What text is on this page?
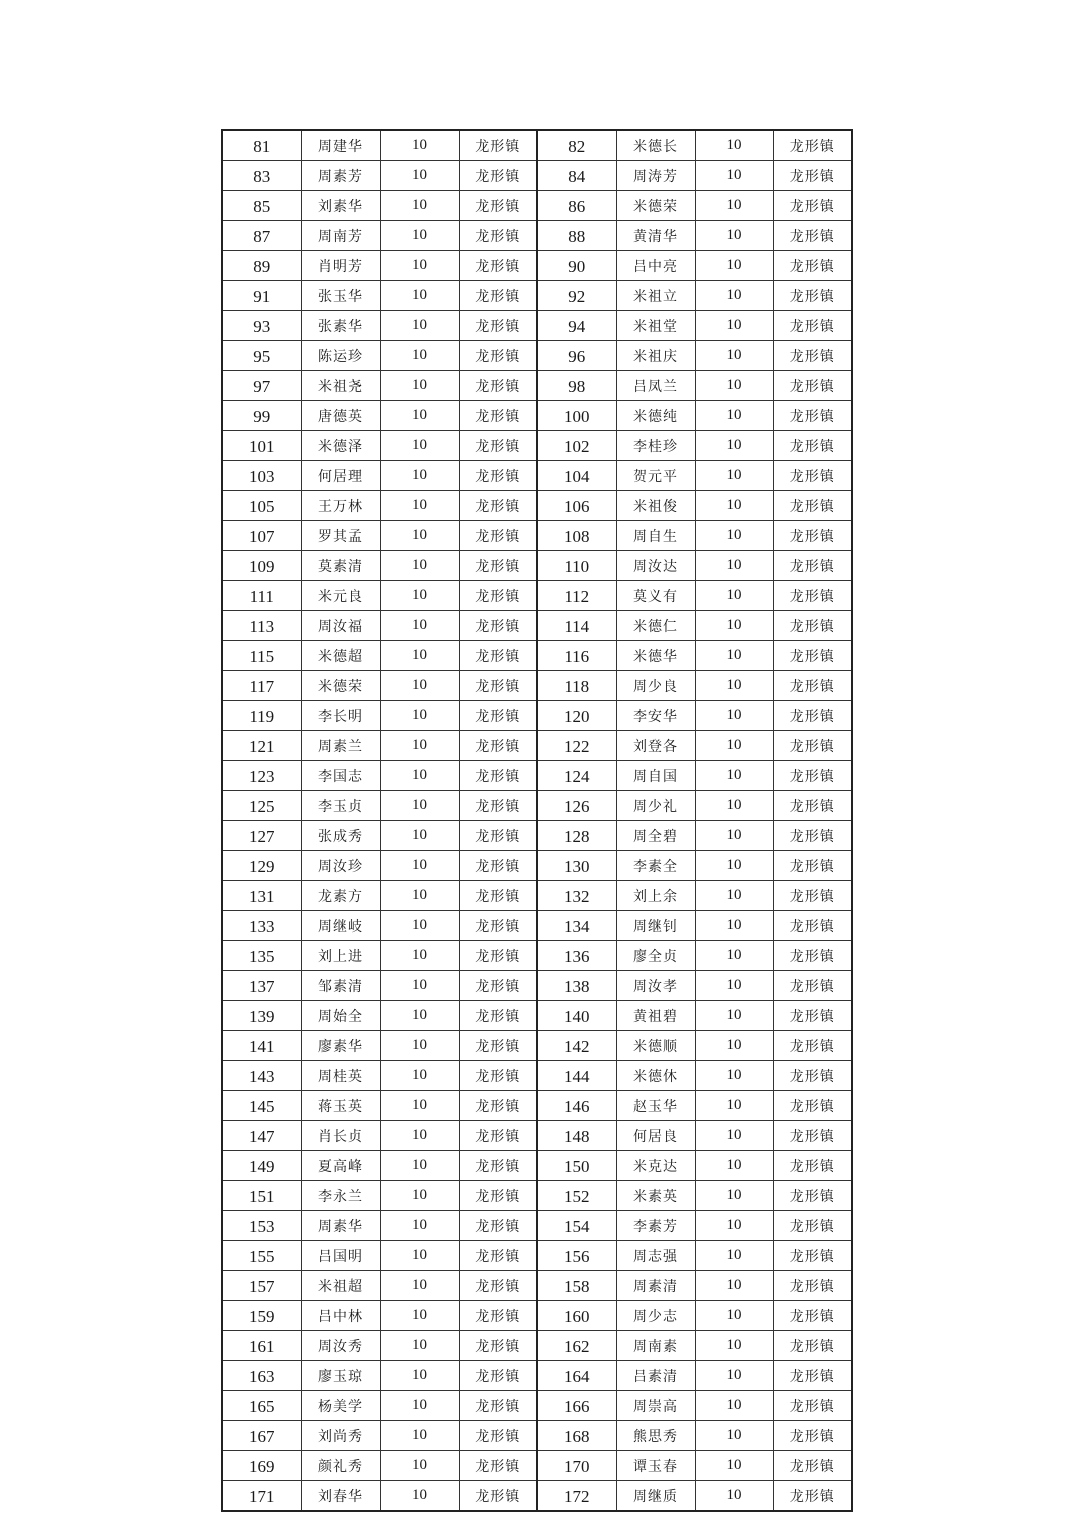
81	周建华	10	龙形镇	82	米德长	10	龙形镇
83	周素芳	10	龙形镇	84	周涛芳	10	龙形镇
85	刘素华	10	龙形镇	86	米德荣	10	龙形镇
87	周南芳	10	龙形镇	88	黄清华	10	龙形镇
89	肖明芳	10	龙形镇	90	吕中亮	10	龙形镇
91	张玉华	10	龙形镇	92	米祖立	10	龙形镇
93	张素华	10	龙形镇	94	米祖堂	10	龙形镇
95	陈运珍	10	龙形镇	96	米祖庆	10	龙形镇
97	米祖尧	10	龙形镇	98	吕凤兰	10	龙形镇
99	唐德英	10	龙形镇	100	米德纯	10	龙形镇
101	米德泽	10	龙形镇	102	李桂珍	10	龙形镇
103	何居理	10	龙形镇	104	贺元平	10	龙形镇
105	王万林	10	龙形镇	106	米祖俊	10	龙形镇
107	罗其孟	10	龙形镇	108	周自生	10	龙形镇
109	莫素清	10	龙形镇	110	周汝达	10	龙形镇
111	米元良	10	龙形镇	112	莫义有	10	龙形镇
113	周汝福	10	龙形镇	114	米德仁	10	龙形镇
115	米德超	10	龙形镇	116	米德华	10	龙形镇
117	米德荣	10	龙形镇	118	周少良	10	龙形镇
119	李长明	10	龙形镇	120	李安华	10	龙形镇
121	周素兰	10	龙形镇	122	刘登各	10	龙形镇
123	李国志	10	龙形镇	124	周自国	10	龙形镇
125	李玉贞	10	龙形镇	126	周少礼	10	龙形镇
127	张成秀	10	龙形镇	128	周全碧	10	龙形镇
129	周汝珍	10	龙形镇	130	李素全	10	龙形镇
131	龙素方	10	龙形镇	132	刘上余	10	龙形镇
133	周继岐	10	龙形镇	134	周继钊	10	龙形镇
135	刘上进	10	龙形镇	136	廖全贞	10	龙形镇
137	邹素清	10	龙形镇	138	周汝孝	10	龙形镇
139	周始全	10	龙形镇	140	黄祖碧	10	龙形镇
141	廖素华	10	龙形镇	142	米德顺	10	龙形镇
143	周桂英	10	龙形镇	144	米德休	10	龙形镇
145	蒋玉英	10	龙形镇	146	赵玉华	10	龙形镇
147	肖长贞	10	龙形镇	148	何居良	10	龙形镇
149	夏高峰	10	龙形镇	150	米克达	10	龙形镇
151	李永兰	10	龙形镇	152	米素英	10	龙形镇
153	周素华	10	龙形镇	154	李素芳	10	龙形镇
155	吕国明	10	龙形镇	156	周志强	10	龙形镇
157	米祖超	10	龙形镇	158	周素清	10	龙形镇
159	吕中林	10	龙形镇	160	周少志	10	龙形镇
161	周汝秀	10	龙形镇	162	周南素	10	龙形镇
163	廖玉琼	10	龙形镇	164	吕素清	10	龙形镇
165	杨美学	10	龙形镇	166	周崇高	10	龙形镇
167	刘尚秀	10	龙形镇	168	熊思秀	10	龙形镇
169	颜礼秀	10	龙形镇	170	谭玉春	10	龙形镇
171	刘春华	10	龙形镇	172	周继质	10	龙形镇
